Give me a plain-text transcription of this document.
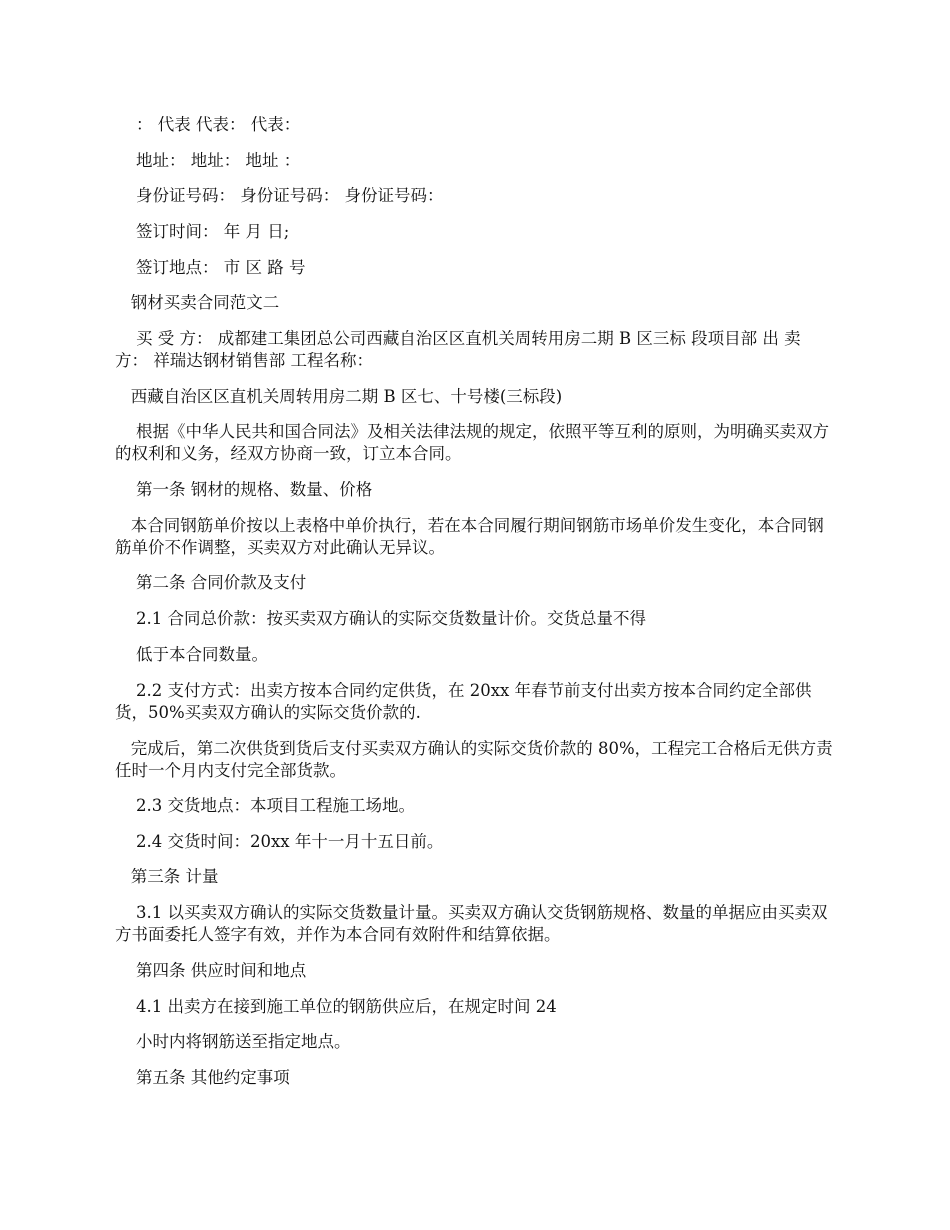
： 代表 代表： 代表：

地址： 地址： 地址 ：

身份证号码： 身份证号码： 身份证号码：

签订时间： 年 月 日;

签订地点： 市 区 路 号

钢材买卖合同范文二

买 受 方： 成都建工集团总公司西藏自治区区直机关周转用房二期 B 区三标 段项目部 出 卖 方： 祥瑞达钢材销售部 工程名称：

西藏自治区区直机关周转用房二期 B 区七、十号楼(三标段)

根据《中华人民共和国合同法》及相关法律法规的规定，依照平等互利的原则，为明确买卖双方的权利和义务，经双方协商一致，订立本合同。

第一条 钢材的规格、数量、价格

本合同钢筋单价按以上表格中单价执行，若在本合同履行期间钢筋市场单价发生变化，本合同钢筋单价不作调整，买卖双方对此确认无异议。

第二条 合同价款及支付

2.1 合同总价款：按买卖双方确认的实际交货数量计价。交货总量不得

低于本合同数量。

2.2 支付方式：出卖方按本合同约定供货，在 20xx 年春节前支付出卖方按本合同约定全部供货，50%买卖双方确认的实际交货价款的.

完成后，第二次供货到货后支付买卖双方确认的实际交货价款的 80%，工程完工合格后无供方责任时一个月内支付完全部货款。

2.3 交货地点：本项目工程施工场地。

2.4 交货时间：20xx 年十一月十五日前。

第三条 计量

3.1 以买卖双方确认的实际交货数量计量。买卖双方确认交货钢筋规格、数量的单据应由买卖双方书面委托人签字有效，并作为本合同有效附件和结算依据。

第四条 供应时间和地点

4.1 出卖方在接到施工单位的钢筋供应后，在规定时间 24

小时内将钢筋送至指定地点。

第五条 其他约定事项
